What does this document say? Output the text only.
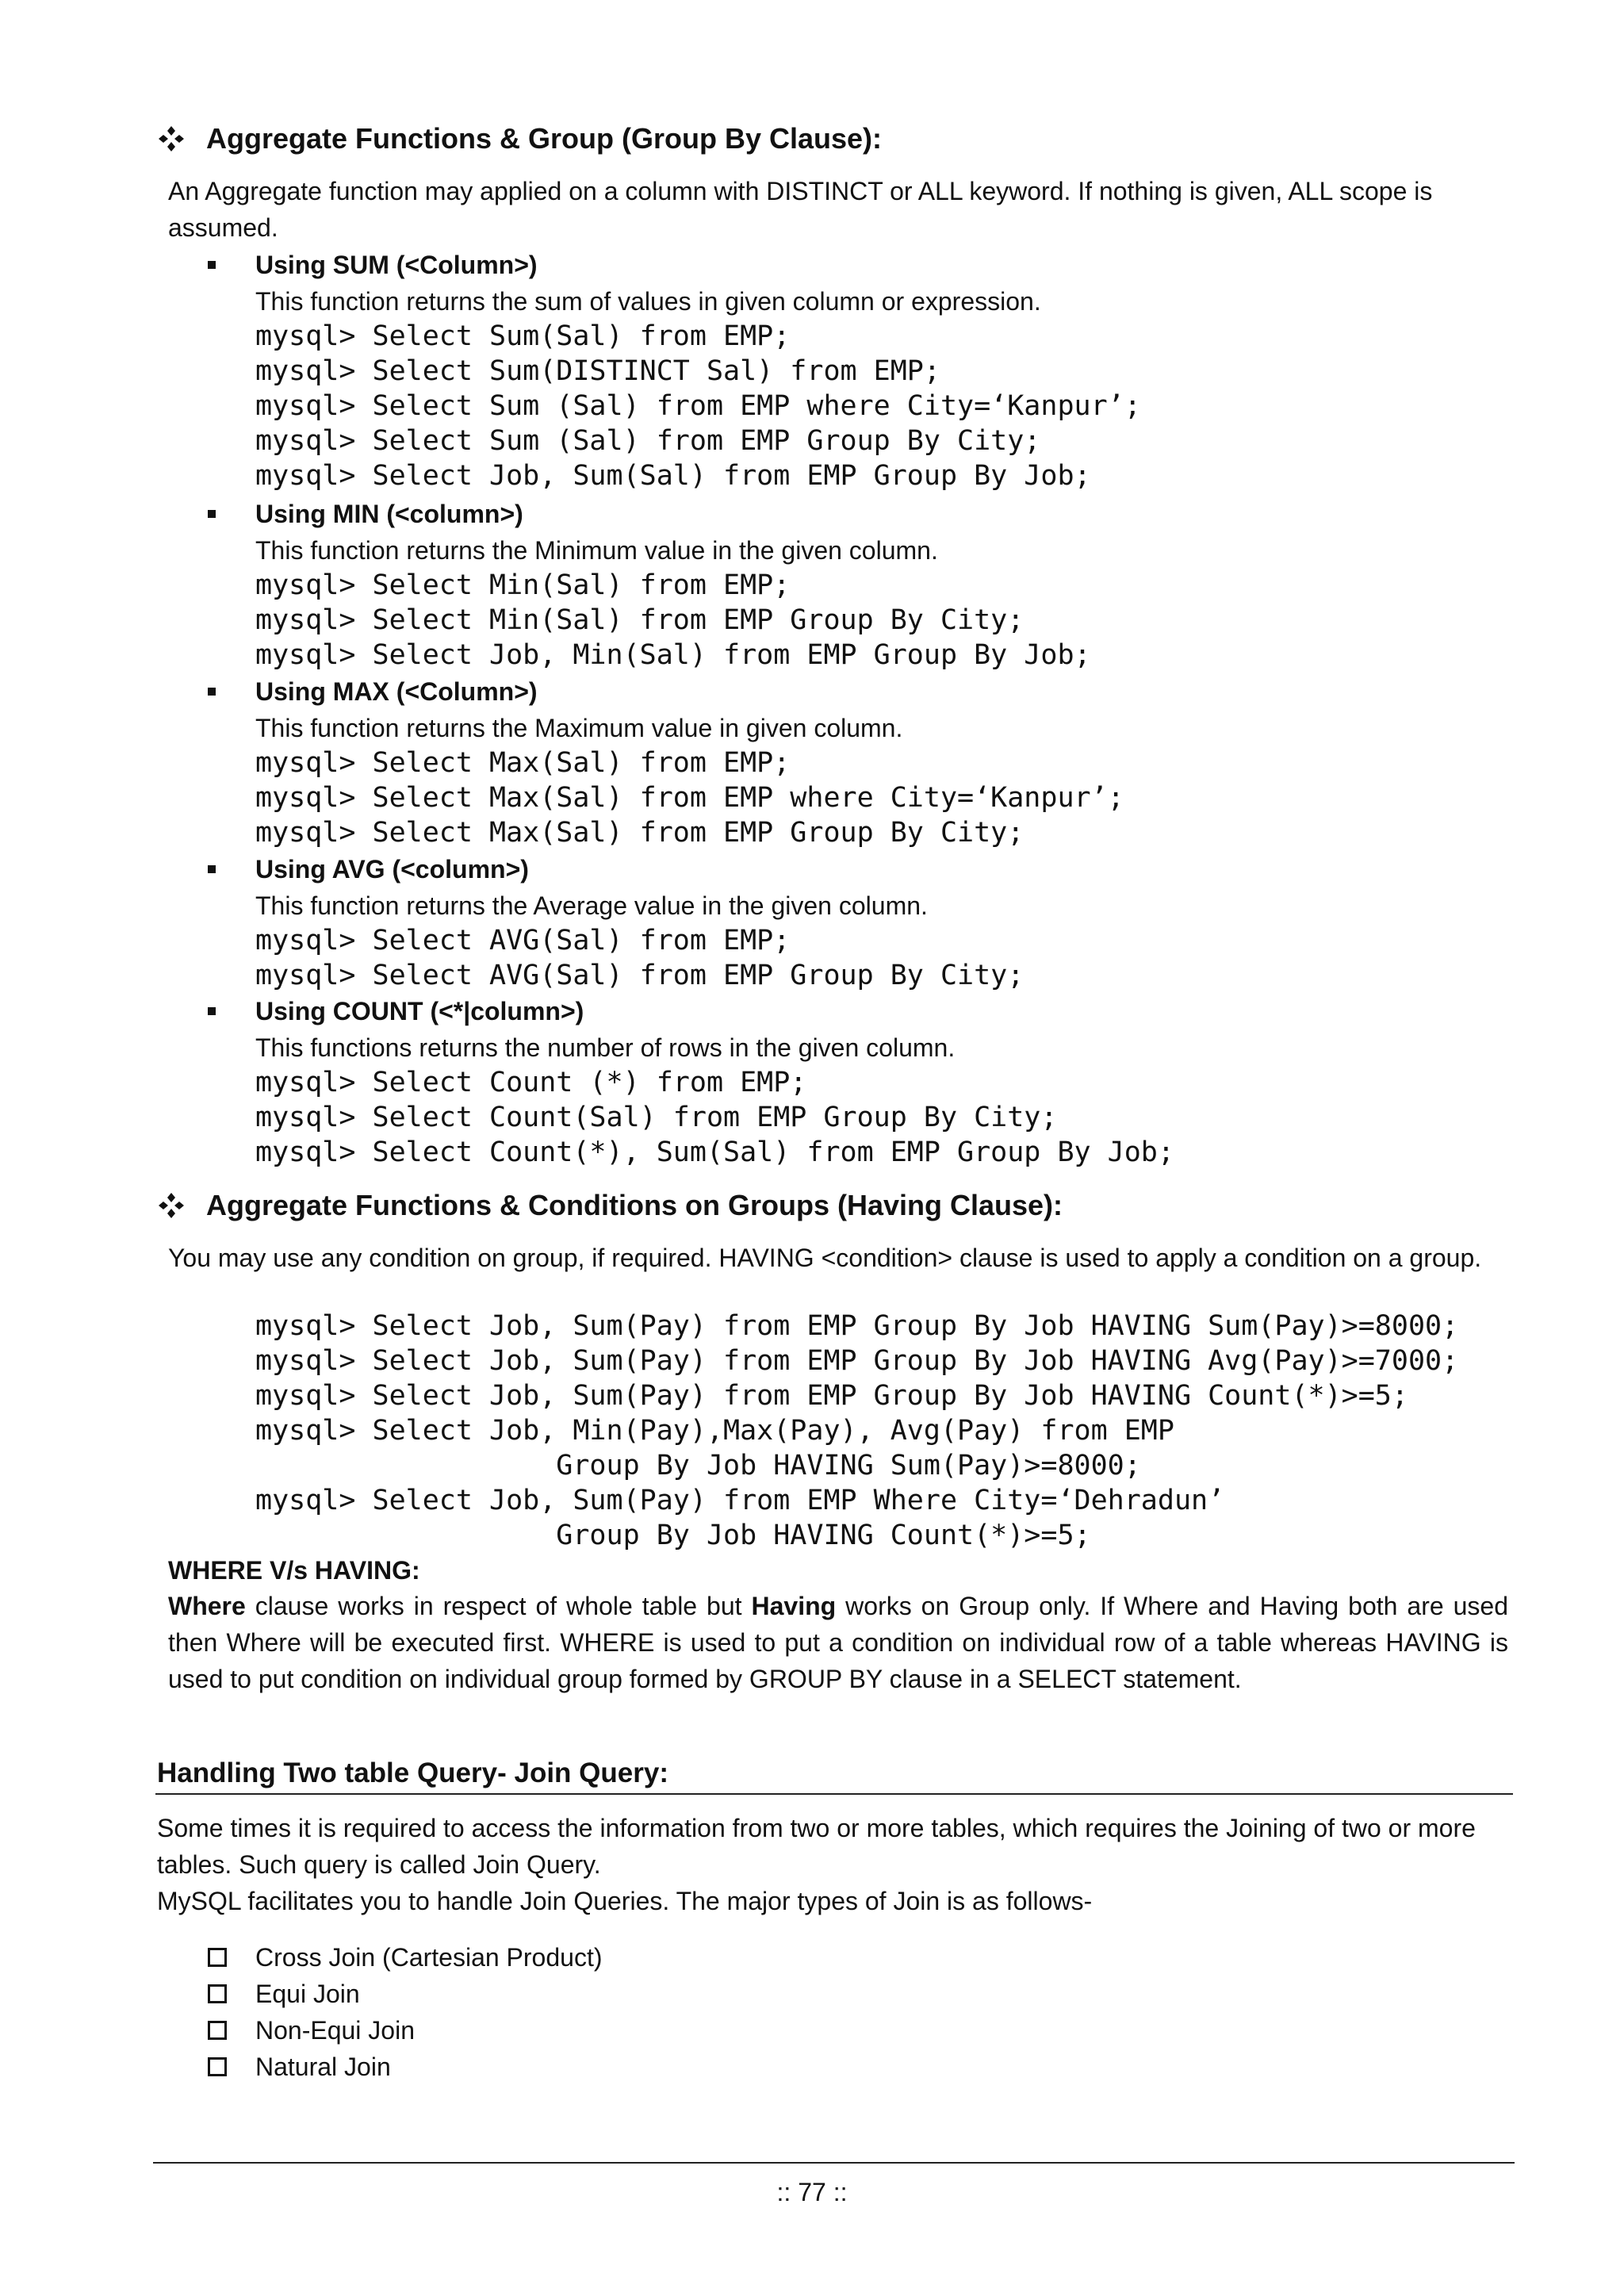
Aggregate Functions & Group (Group By Clause):
An Aggregate function may applied on a column with DISTINCT or ALL keyword. If nothing is given, ALL scope is assumed.
Using SUM (<Column>)
This function returns the sum of values in given column or expression.
mysql> Select Sum(Sal) from EMP;
mysql> Select Sum(DISTINCT Sal) from EMP;
mysql> Select Sum (Sal) from EMP where City=‘Kanpur’;
mysql> Select Sum (Sal) from EMP Group By City;
mysql> Select Job, Sum(Sal) from EMP Group By Job;
Using MIN (<column>)
This function returns the Minimum value in the given column.
mysql> Select Min(Sal) from EMP;
mysql> Select Min(Sal) from EMP Group By City;
mysql> Select Job, Min(Sal) from EMP Group By Job;
Using MAX (<Column>)
This function returns the Maximum value in given column.
mysql> Select Max(Sal) from EMP;
mysql> Select Max(Sal) from EMP where City=‘Kanpur’;
mysql> Select Max(Sal) from EMP Group By City;
Using AVG (<column>)
This function returns the Average value in the given column.
mysql> Select AVG(Sal) from EMP;
mysql> Select AVG(Sal) from EMP Group By City;
Using COUNT (<*|column>)
This functions returns the number of rows in the given column.
mysql> Select Count (*) from EMP;
mysql> Select Count(Sal) from EMP Group By City;
mysql> Select Count(*), Sum(Sal) from EMP Group By Job;
Aggregate Functions & Conditions on Groups (Having Clause):
You may use any condition on group, if required. HAVING <condition> clause is used to apply a condition on a group.
mysql> Select Job, Sum(Pay) from EMP Group By Job HAVING Sum(Pay)>=8000;
mysql> Select Job, Sum(Pay) from EMP Group By Job HAVING Avg(Pay)>=7000;
mysql> Select Job, Sum(Pay) from EMP Group By Job HAVING Count(*)>=5;
mysql> Select Job, Min(Pay),Max(Pay), Avg(Pay) from EMP
Group By Job HAVING Sum(Pay)>=8000;
mysql> Select Job, Sum(Pay) from EMP Where City=‘Dehradun’
Group By Job HAVING Count(*)>=5;
WHERE V/s HAVING:
Where clause works in respect of whole table but Having works on Group only. If Where and Having both are used then Where will be executed first. WHERE is used to put a condition on individual row of a table whereas HAVING is used to put condition on individual group formed by GROUP BY clause in a SELECT statement.
Handling Two table Query- Join Query:
Some times it is required to access the information from two or more tables, which requires the Joining of two or more tables. Such query is called Join Query.
MySQL facilitates you to handle Join Queries. The major types of Join is as follows-
Cross Join (Cartesian Product)
Equi Join
Non-Equi Join
Natural Join
:: 77 ::
